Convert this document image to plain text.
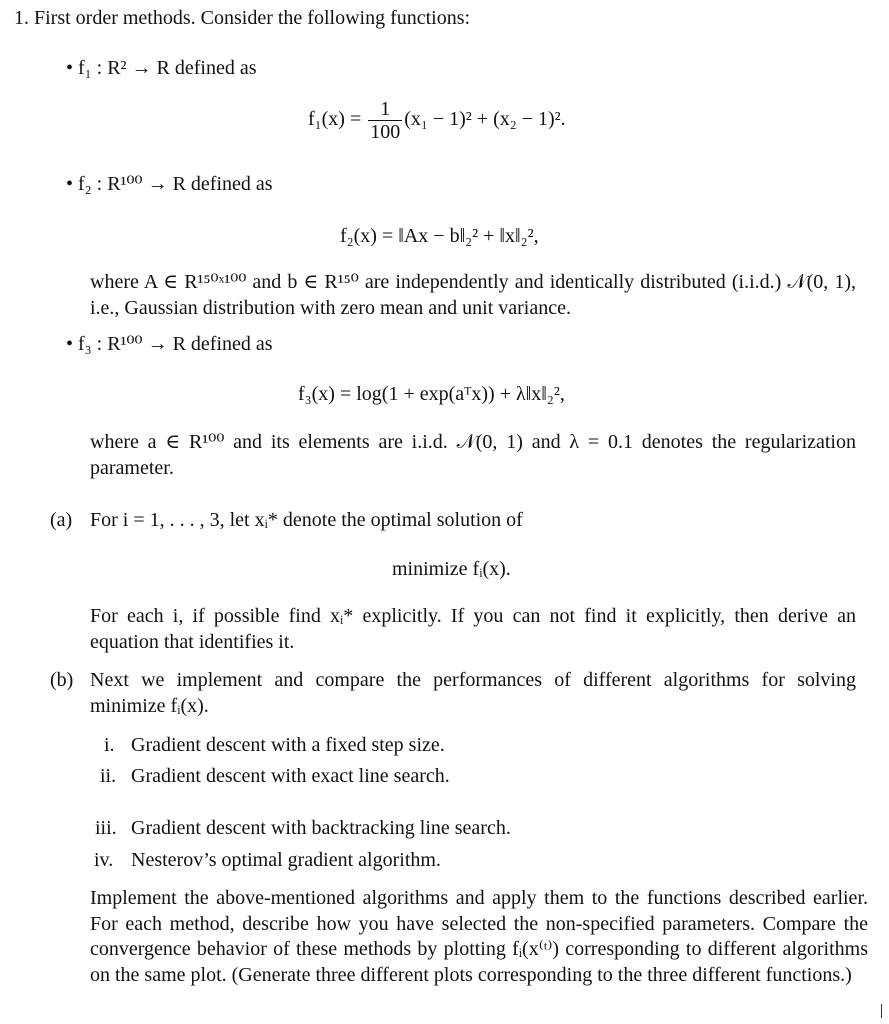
1. First order methods. Consider the following functions:
• f₁ : R² → R defined as
$f_1(x) = \frac{1}{100} (x_1 - 1)^2 + (x_2 - 1)^2$.
• f₂ : R¹⁰⁰ → R defined as
f₂(x) = ‖Ax − b‖₂² + ‖x‖₂²,
where A ∈ R¹⁵⁰ˣ¹⁰⁰ and b ∈ R¹⁵⁰ are independently and identically distributed (i.i.d.) 𝒩(0, 1), i.e., Gaussian distribution with zero mean and unit variance.
• f₃ : R¹⁰⁰ → R defined as
f₃(x) = log(1 + exp(aᵀx)) + λ‖x‖₂²,
where a ∈ R¹⁰⁰ and its elements are i.i.d. 𝒩(0, 1) and λ = 0.1 denotes the regularization parameter.
(a) For i = 1, . . . , 3, let xᵢ* denote the optimal solution of
minimize fᵢ(x).
For each i, if possible find xᵢ* explicitly. If you can not find it explicitly, then derive an equation that identifies it.
(b) Next we implement and compare the performances of different algorithms for solving minimize fᵢ(x).
i. Gradient descent with a fixed step size.
ii. Gradient descent with exact line search.
iii. Gradient descent with backtracking line search.
iv. Nesterov’s optimal gradient algorithm.
Implement the above-mentioned algorithms and apply them to the functions described earlier. For each method, describe how you have selected the non-specified parameters. Compare the convergence behavior of these methods by plotting fᵢ(x⁽ᵗ⁾) corresponding to different algorithms on the same plot. (Generate three different plots corresponding to the three different functions.)
